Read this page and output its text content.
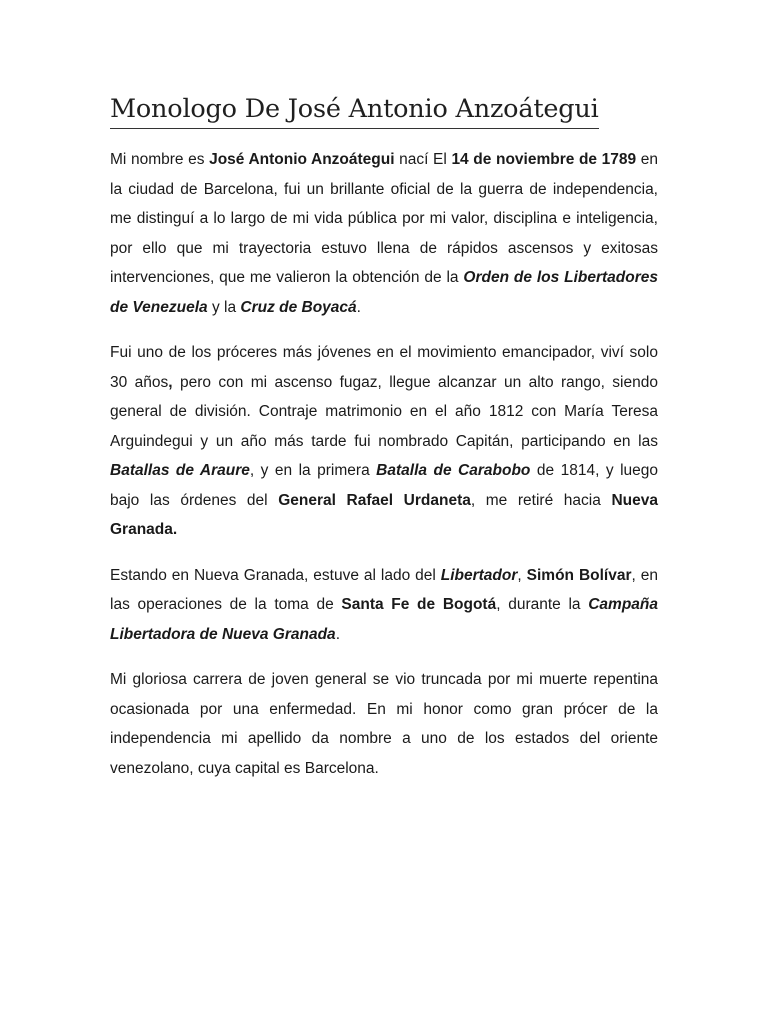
Monologo De José Antonio Anzoátegui

Mi nombre es José Antonio Anzoátegui nací El 14 de noviembre de 1789 en la ciudad de Barcelona, fui un brillante oficial de la guerra de independencia, me distinguí a lo largo de mi vida pública por mi valor, disciplina e inteligencia, por ello que mi trayectoria estuvo llena de rápidos ascensos y exitosas intervenciones, que me valieron la obtención de la Orden de los Libertadores de Venezuela y la Cruz de Boyacá.

Fui uno de los próceres más jóvenes en el movimiento emancipador, viví solo 30 años, pero con mi ascenso fugaz, llegue alcanzar un alto rango, siendo general de división. Contraje matrimonio en el año 1812 con María Teresa Arguindegui y un año más tarde fui nombrado Capitán, participando en las Batallas de Araure, y en la primera Batalla de Carabobo de 1814, y luego bajo las órdenes del General Rafael Urdaneta, me retiré hacia Nueva Granada.

Estando en Nueva Granada, estuve al lado del Libertador, Simón Bolívar, en las operaciones de la toma de Santa Fe de Bogotá, durante la Campaña Libertadora de Nueva Granada.

Mi gloriosa carrera de joven general se vio truncada por mi muerte repentina ocasionada por una enfermedad. En mi honor como gran prócer de la independencia mi apellido da nombre a uno de los estados del oriente venezolano, cuya capital es Barcelona.
